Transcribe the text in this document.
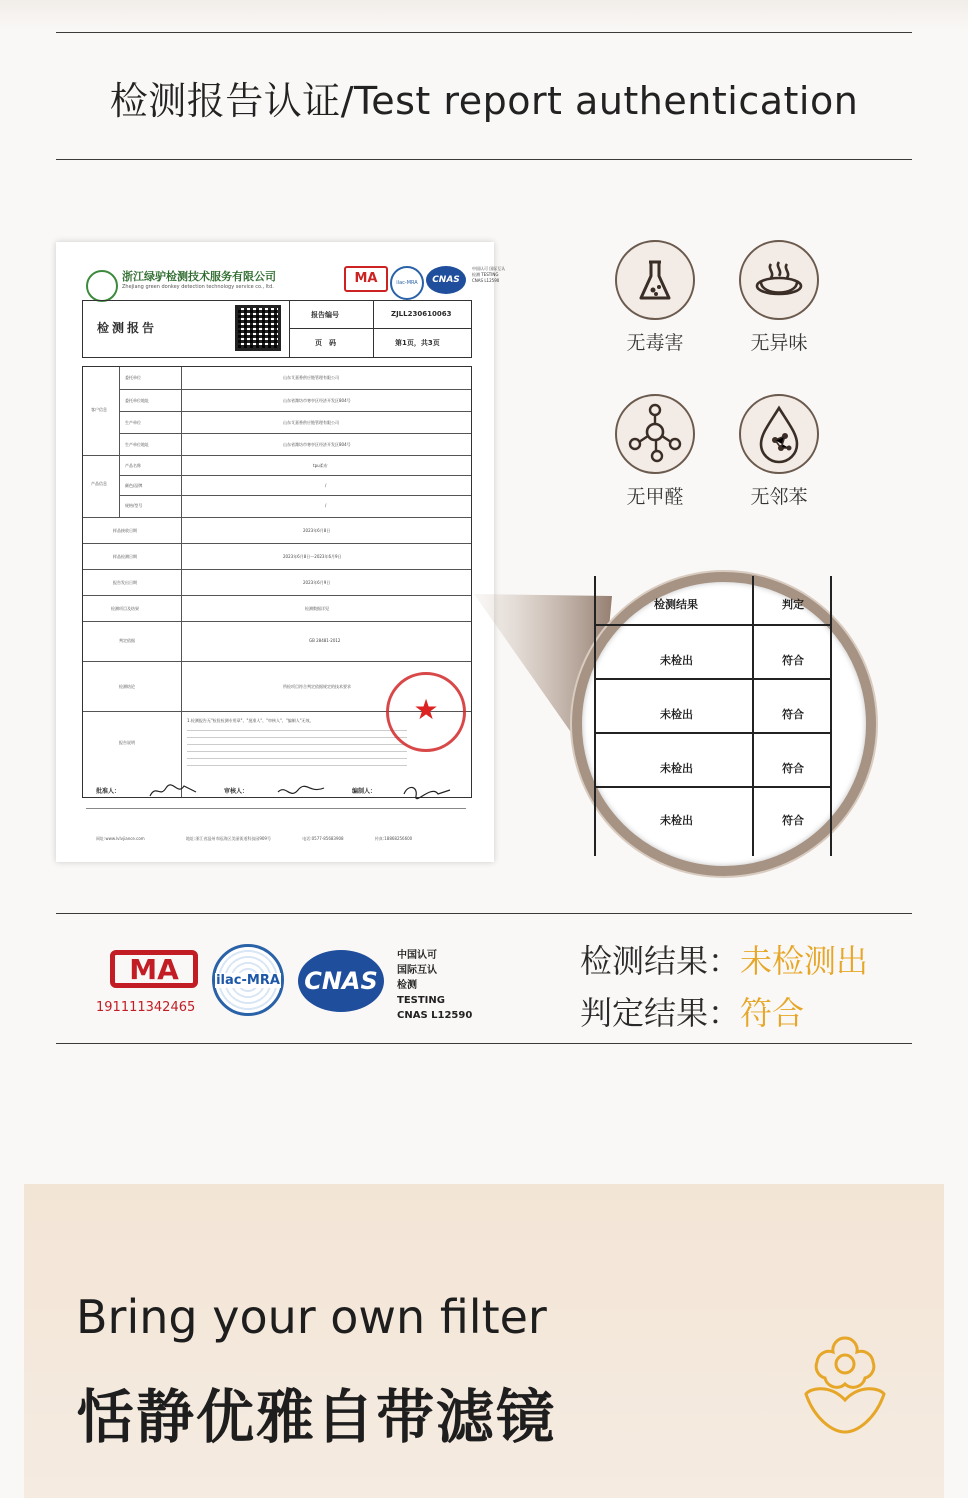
检测报告认证/Test report authentication
浙江绿驴检测技术服务有限公司
Zhejiang green donkey detection technology service co., ltd.
MA	ilac-MRA	CNAS
中国认可 国际互认 检测 TESTING CNAS L12590
检测报告
报告编号	ZJLL230610063
页　码	第1页，共3页
委托单位	山东艾嘉香供应链管理有限公司
委托单位地址	山东省潍坊市寒亭区经济开发区804号
生产单位	山东艾嘉香供应链管理有限公司
生产单位地址	山东省潍坊市寒亭区经济开发区804号
客户信息
产品名称	tpu柔布
颜色/品牌	/
规格/型号	/
产品信息
样品接收日期	2023年6月8日
样品检测日期	2023年6月8日～2023年6月9日
报告发出日期	2023年6月9日
检测项目及结果	检测数据详见
判定依据	GB 28481-2012
检测结论	所检项目符合判定依据规定的技术要求
报告说明
1.检测报告无"检验检测专用章"、"批准人"、"审核人"、"编制人"无效。	★
批准人：	审核人：	编制人：
网址:www.lvlvjiance.com	地址:浙江省温州市瓯海区美丽街道科技园909号	电话:0577-85683908	传真:18868256600
检测结果	判定
未检出	符合
未检出	符合
未检出	符合
未检出	符合
无毒害	无异味
无甲醛	无邻苯
MA
191111342465
ilac-MRA CNAS
中国认可
国际互认
检测
TESTING
CNAS L12590
检测结果：未检测出
判定结果：符合
Bring your own filter
恬静优雅自带滤镜
